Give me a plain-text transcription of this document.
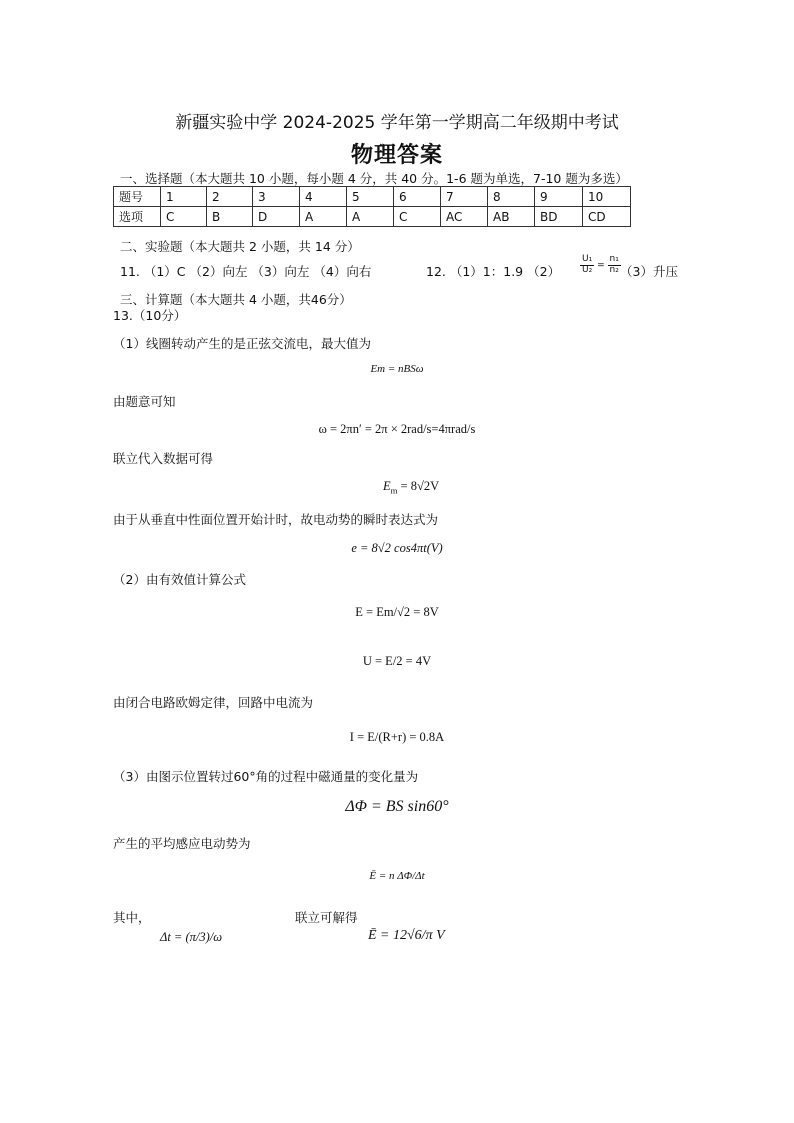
新疆实验中学 2024-2025 学年第一学期高二年级期中考试
物理答案
一、选择题（本大题共 10 小题，每小题 4 分，共 40 分。1-6 题为单选，7-10 题为多选）
题号	1	2	3	4	5	6	7	8	9	10
选项	C	B	D	A	A	C	AC	AB	BD	CD
二、实验题（本大题共 2 小题，共 14 分）
11. （1）C （2）向左 （3）向左 （4）向右	12. （1）1：1.9 $(2) \frac{\text{U₁}}{\text{U₂}} = \frac{\text{n₁}}{\text{n₂}} (3)$升压
三、计算题（本大题共 4 小题，共46分）
13.（10分）
（1）线圈转动产生的是正弦交流电，最大值为
Em = nBSω
由题意可知
ω = 2πn′ = 2π × 2rad/s=4πrad/s
联立代入数据可得
$E_m = 8√2V$
由于从垂直中性面位置开始计时，故电动势的瞬时表达式为
e = 8√2 cos4πt(V)
（2）由有效值计算公式
E = Em/√2 = 8V
U = E/2 = 4V
由闭合电路欧姆定律，回路中电流为
I = E/(R+r) = 0.8A
（3）由图示位置转过60°角的过程中磁通量的变化量为
ΔΦ = BS sin60°
产生的平均感应电动势为
Ē = n ΔΦ/Δt
其中，
Δt = (π/3)/ω
联立可解得
Ē = 12√6/π V
